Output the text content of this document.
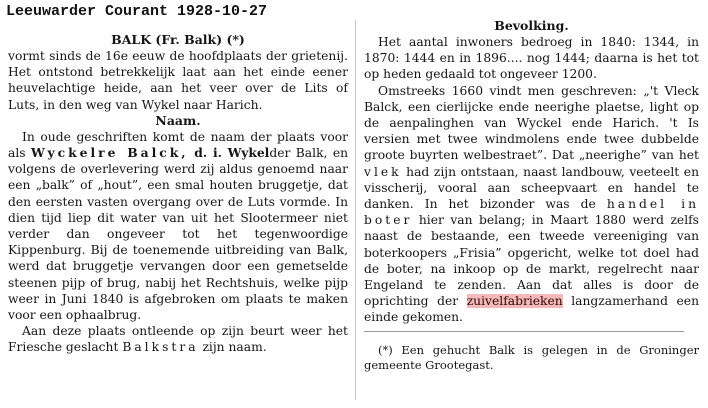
Leeuwarder Courant 1928-10-27
BALK (Fr. Balk) (*)

vormt sinds de 16e eeuw de hoofdplaats der grietenij. Het ontstond betrekkelijk laat aan het einde eener heuvelachtige heide, aan het veer over de Lits of Luts, in den weg van Wykel naar Harich.

Naam.

In oude geschriften komt de naam der plaats voor als Wyckelre Balck, d. i. Wykelder Balk, en volgens de overlevering werd zij aldus genoemd naar een „balk” of „hout”, een smal houten bruggetje, dat den eersten vasten overgang over de Luts vormde. In dien tijd liep dit water van uit het Slootermeer niet verder dan ongeveer tot het tegenwoordige Kippenburg. Bij de toenemende uitbreiding van Balk, werd dat bruggetje vervangen door een gemetselde steenen pijp of brug, nabij het Rechtshuis, welke pijp weer in Juni 1840 is afgebroken om plaats te maken voor een ophaalbrug.

Aan deze plaats ontleende op zijn beurt weer het Friesche geslacht Balkstra zijn naam.

Bevolking.

Het aantal inwoners bedroeg in 1840: 1344, in 1870: 1444 en in 1896.... nog 1444; daarna is het tot op heden gedaald tot ongeveer 1200.

Omstreeks 1660 vindt men geschreven: „'t Vleck Balck, een cierlijcke ende neerighe plaetse, light op de aenpalinghen van Wyckel ende Harich. 't Is versien met twee windmolens ende twee dubbelde groote buyrten welbestraet”. Dat „neerighe” van het vlek had zijn ontstaan, naast landbouw, veeteelt en visscherij, vooral aan scheepvaart en handel te danken. In het bizonder was de handel in boter hier van belang; in Maart 1880 werd zelfs naast de bestaande, een tweede vereeniging van boterkoopers „Frisia” opgericht, welke tot doel had de boter, na inkoop op de markt, regelrecht naar Engeland te zenden. Aan dat alles is door de oprichting der zuivelfabrieken langzamerhand een einde gekomen.

(*) Een gehucht Balk is gelegen in de Groninger gemeente Grootegast.
